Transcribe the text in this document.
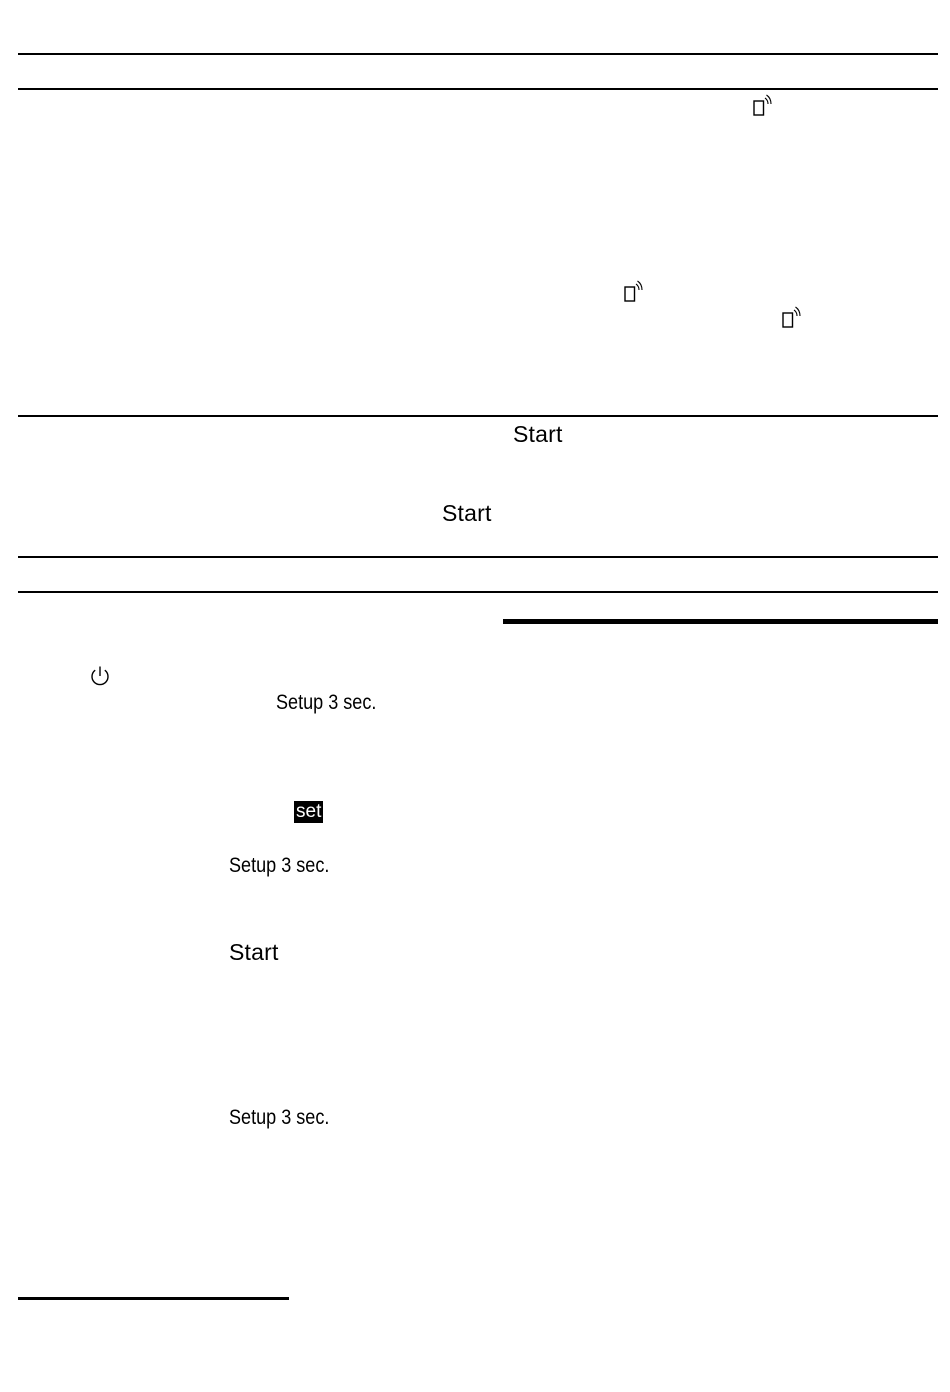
Start
Start
Setup 3 sec.
set
Setup 3 sec.
Start
Setup 3 sec.
